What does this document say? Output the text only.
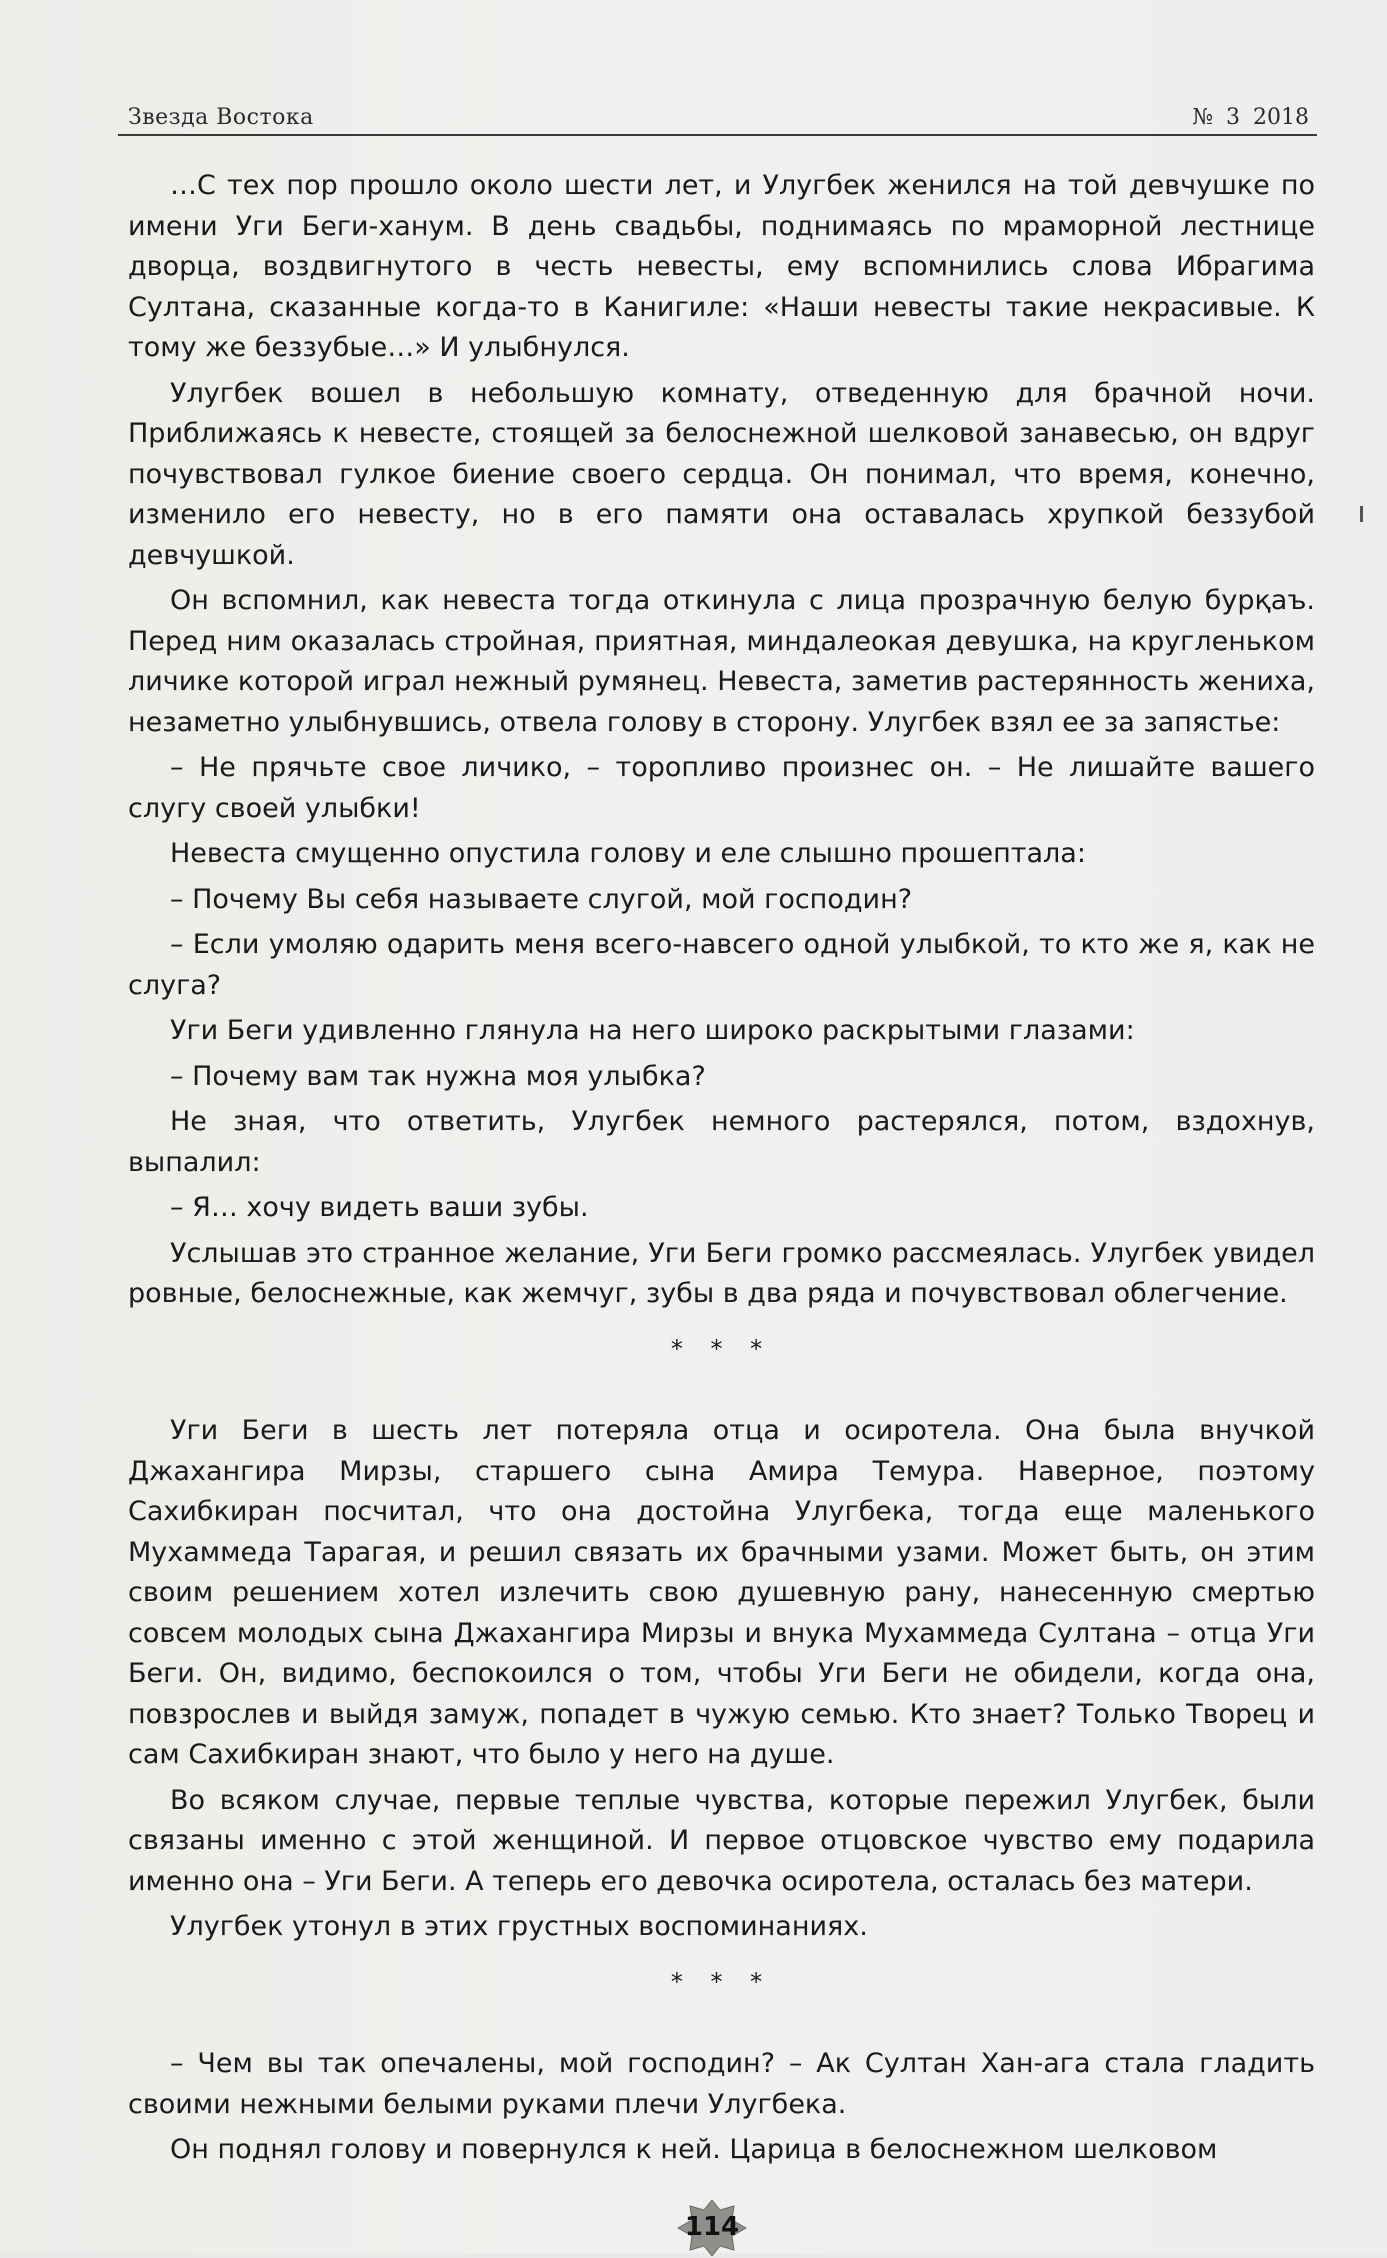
Звезда Востока	№ 3 2018

…С тех пор прошло около шести лет, и Улугбек женился на той девчушке по имени Уги Беги-ханум. В день свадьбы, поднимаясь по мраморной лестнице дворца, воздвигнутого в честь невесты, ему вспомнились слова Ибрагима Султана, сказанные когда-то в Канигиле: «Наши невесты такие некрасивые. К тому же беззубые…» И улыбнулся.

Улугбек вошел в небольшую комнату, отведенную для брачной ночи. Приближаясь к невесте, стоящей за белоснежной шелковой занавесью, он вдруг почувствовал гулкое биение своего сердца. Он понимал, что время, конечно, изменило его невесту, но в его памяти она оставалась хрупкой беззубой девчушкой.

Он вспомнил, как невеста тогда откинула с лица прозрачную белую бурқаъ. Перед ним оказалась стройная, приятная, миндалеокая девушка, на кругленьком личике которой играл нежный румянец. Невеста, заметив растерянность жениха, незаметно улыбнувшись, отвела голову в сторону. Улугбек взял ее за запястье:

– Не прячьте свое личико, – торопливо произнес он. – Не лишайте вашего слугу своей улыбки!

Невеста смущенно опустила голову и еле слышно прошептала:

– Почему Вы себя называете слугой, мой господин?

– Если умоляю одарить меня всего-навсего одной улыбкой, то кто же я, как не слуга?

Уги Беги удивленно глянула на него широко раскрытыми глазами:

– Почему вам так нужна моя улыбка?

Не зная, что ответить, Улугбек немного растерялся, потом, вздохнув, выпалил:

– Я… хочу видеть ваши зубы.

Услышав это странное желание, Уги Беги громко рассмеялась. Улугбек увидел ровные, белоснежные, как жемчуг, зубы в два ряда и почувствовал облегчение.

* * *

Уги Беги в шесть лет потеряла отца и осиротела. Она была внучкой Джахангира Мирзы, старшего сына Амира Темура. Наверное, поэтому Сахибкиран посчитал, что она достойна Улугбека, тогда еще маленького Мухаммеда Тарагая, и решил связать их брачными узами. Может быть, он этим своим решением хотел излечить свою душевную рану, нанесенную смертью совсем молодых сына Джахангира Мирзы и внука Мухаммеда Султана – отца Уги Беги. Он, видимо, беспокоился о том, чтобы Уги Беги не обидели, когда она, повзрослев и выйдя замуж, попадет в чужую семью. Кто знает? Только Творец и сам Сахибкиран знают, что было у него на душе.

Во всяком случае, первые теплые чувства, которые пережил Улугбек, были связаны именно с этой женщиной. И первое отцовское чувство ему подарила именно она – Уги Беги. А теперь его девочка осиротела, осталась без матери.

Улугбек утонул в этих грустных воспоминаниях.

* * *

– Чем вы так опечалены, мой господин? – Ак Султан Хан-ага стала гладить своими нежными белыми руками плечи Улугбека.

Он поднял голову и повернулся к ней. Царица в белоснежном шелковом

114
